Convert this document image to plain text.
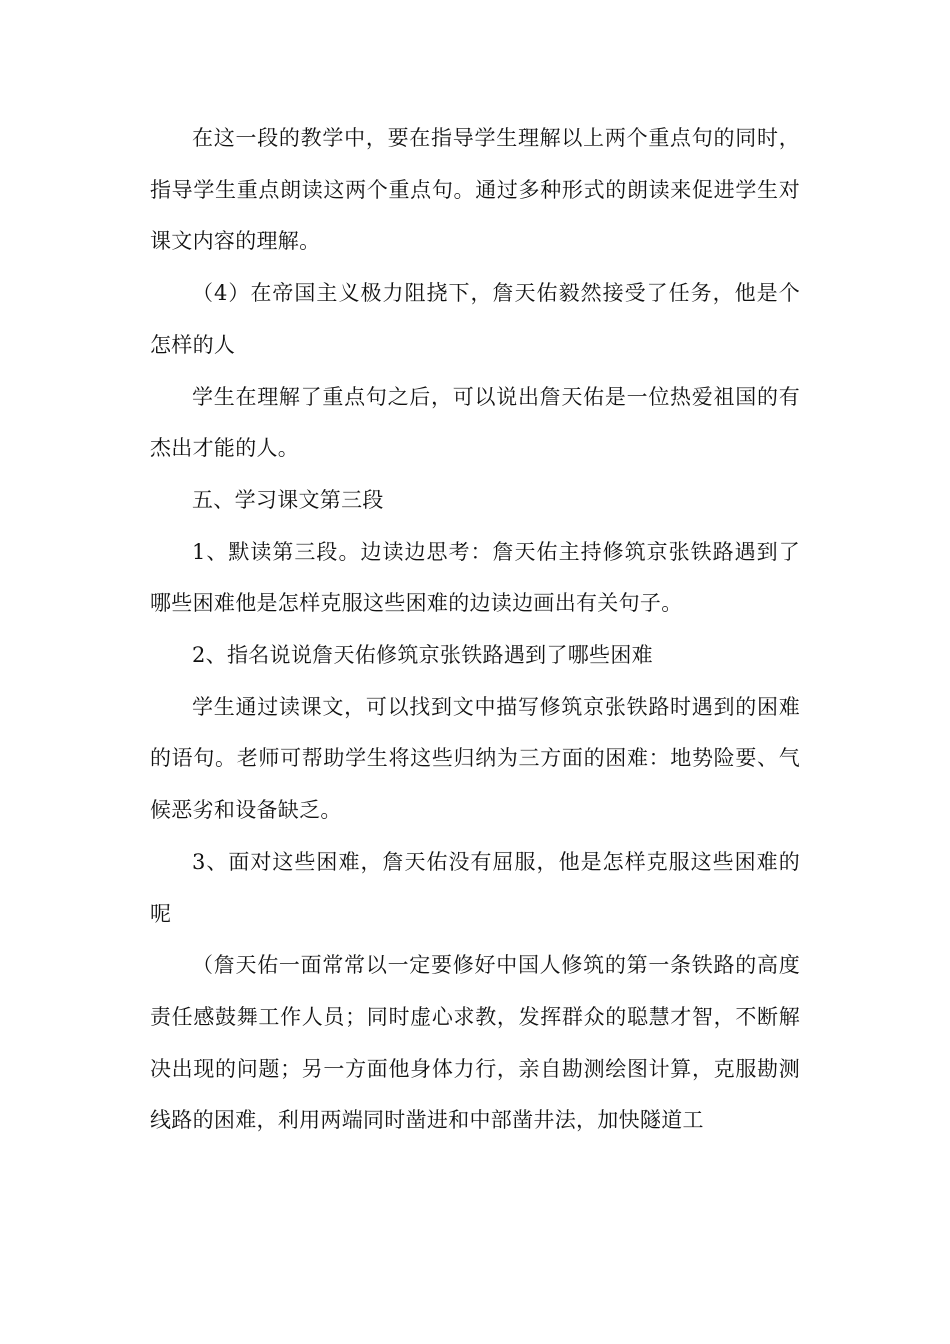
在这一段的教学中，要在指导学生理解以上两个重点句的同时，指导学生重点朗读这两个重点句。通过多种形式的朗读来促进学生对课文内容的理解。

（4）在帝国主义极力阻挠下，詹天佑毅然接受了任务，他是个怎样的人

学生在理解了重点句之后，可以说出詹天佑是一位热爱祖国的有杰出才能的人。

五、学习课文第三段

1、默读第三段。边读边思考：詹天佑主持修筑京张铁路遇到了哪些困难他是怎样克服这些困难的边读边画出有关句子。

2、指名说说詹天佑修筑京张铁路遇到了哪些困难

学生通过读课文，可以找到文中描写修筑京张铁路时遇到的困难的语句。老师可帮助学生将这些归纳为三方面的困难：地势险要、气候恶劣和设备缺乏。

3、面对这些困难，詹天佑没有屈服，他是怎样克服这些困难的呢

（詹天佑一面常常以一定要修好中国人修筑的第一条铁路的高度责任感鼓舞工作人员；同时虚心求教，发挥群众的聪慧才智，不断解决出现的问题；另一方面他身体力行，亲自勘测绘图计算，克服勘测线路的困难，利用两端同时凿进和中部凿井法，加快隧道工
